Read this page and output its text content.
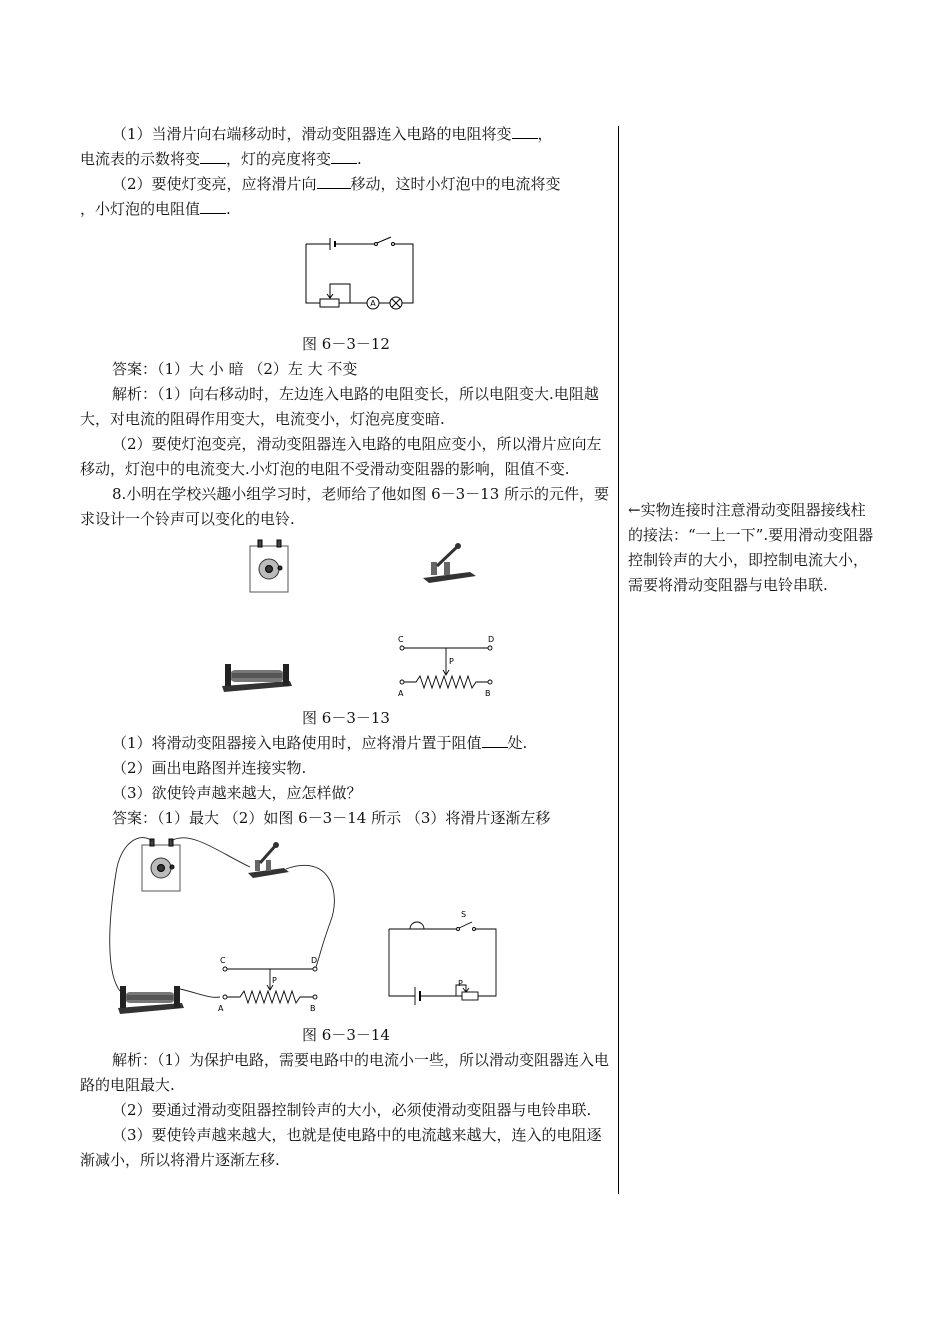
（1）当滑片向右端移动时，滑动变阻器连入电路的电阻将变 ，

电流表的示数将变 ，灯的亮度将变 .

（2）要使灯变亮，应将滑片向 移动，这时小灯泡中的电流将变

，小灯泡的电阻值 .

A

图 6－3－12

答案：（1）大 小 暗 （2）左 大 不变

解析：（1）向右移动时，左边连入电路的电阻变长，所以电阻变大.电阻越大，对电流的阻碍作用变大，电流变小，灯泡亮度变暗.

（2）要使灯泡变亮，滑动变阻器连入电路的电阻应变小，所以滑片应向左移动，灯泡中的电流变大.小灯泡的电阻不受滑动变阻器的影响，阻值不变.

8.小明在学校兴趣小组学习时，老师给了他如图 6－3－13 所示的元件，要求设计一个铃声可以变化的电铃.

C	D
P
A	B

图 6－3－13

（1）将滑动变阻器接入电路使用时，应将滑片置于阻值 处.

（2）画出电路图并连接实物.

（3）欲使铃声越来越大，应怎样做？

答案：（1）最大 （2）如图 6－3－14 所示 （3）将滑片逐渐左移

C	D
P
A	B
S
P

图 6－3－14

解析：（1）为保护电路，需要电路中的电流小一些，所以滑动变阻器连入电路的电阻最大.

（2）要通过滑动变阻器控制铃声的大小，必须使滑动变阻器与电铃串联.

（3）要使铃声越来越大，也就是使电路中的电流越来越大，连入的电阻逐渐减小，所以将滑片逐渐左移.

←实物连接时注意滑动变阻器接线柱的接法：“一上一下”.要用滑动变阻器控制铃声的大小，即控制电流大小，需要将滑动变阻器与电铃串联.
